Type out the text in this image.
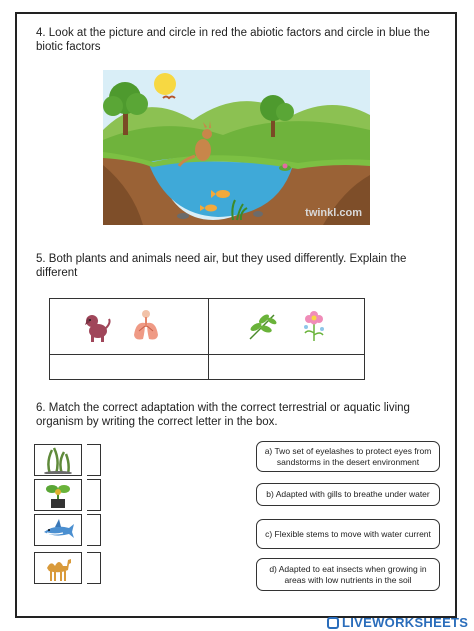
4. Look at the picture and circle in red the abiotic factors and circle in blue the biotic factors
twinkl.com
5. Both plants and animals need air, but they used differently. Explain the different
6. Match the correct adaptation with the correct terrestrial or aquatic living organism by writing the correct letter in the box.
a) Two set of eyelashes to protect eyes from sandstorms in the desert environment
b) Adapted with gills to breathe under water
c) Flexible stems to move with water current
d) Adapted to eat insects when growing in areas with low nutrients in the soil
LIVEWORKSHEETS
